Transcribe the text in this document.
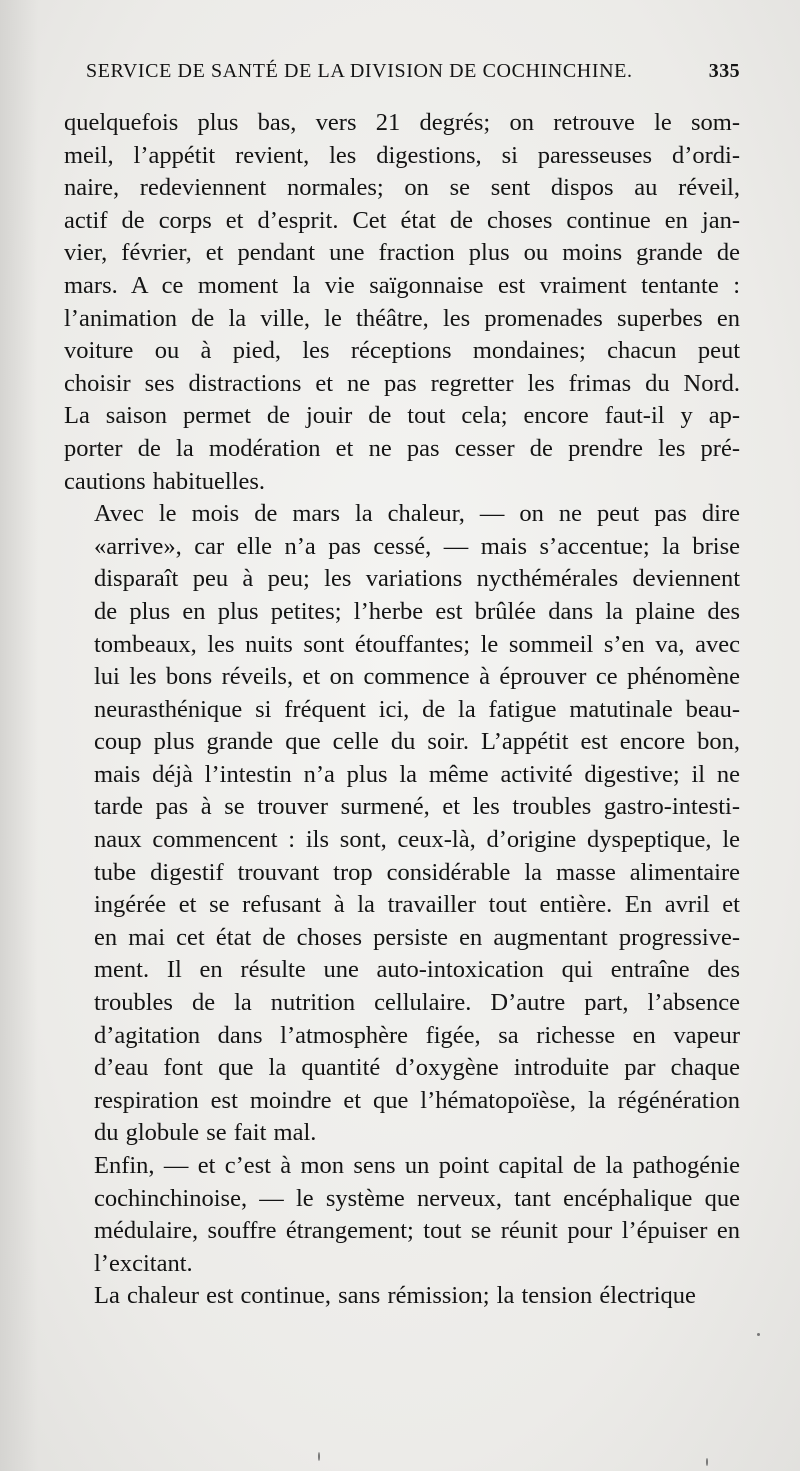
SERVICE DE SANTÉ DE LA DIVISION DE COCHINCHINE.	335

quelquefois plus bas, vers 21 degrés; on retrouve le som-
meil, l’appétit revient, les digestions, si paresseuses d’ordi-
naire, redeviennent normales; on se sent dispos au réveil,
actif de corps et d’esprit. Cet état de choses continue en jan-
vier, février, et pendant une fraction plus ou moins grande de
mars. A ce moment la vie saïgonnaise est vraiment tentante :
l’animation de la ville, le théâtre, les promenades superbes en
voiture ou à pied, les réceptions mondaines; chacun peut
choisir ses distractions et ne pas regretter les frimas du Nord.
La saison permet de jouir de tout cela; encore faut-il y ap-
porter de la modération et ne pas cesser de prendre les pré-
cautions habituelles.

Avec le mois de mars la chaleur, — on ne peut pas dire
«arrive», car elle n’a pas cessé, — mais s’accentue; la brise
disparaît peu à peu; les variations nycthémérales deviennent
de plus en plus petites; l’herbe est brûlée dans la plaine des
tombeaux, les nuits sont étouffantes; le sommeil s’en va, avec
lui les bons réveils, et on commence à éprouver ce phénomène
neurasthénique si fréquent ici, de la fatigue matutinale beau-
coup plus grande que celle du soir. L’appétit est encore bon,
mais déjà l’intestin n’a plus la même activité digestive; il ne
tarde pas à se trouver surmené, et les troubles gastro-intesti-
naux commencent : ils sont, ceux-là, d’origine dyspeptique, le
tube digestif trouvant trop considérable la masse alimentaire
ingérée et se refusant à la travailler tout entière. En avril et
en mai cet état de choses persiste en augmentant progressive-
ment. Il en résulte une auto-intoxication qui entraîne des
troubles de la nutrition cellulaire. D’autre part, l’absence
d’agitation dans l’atmosphère figée, sa richesse en vapeur
d’eau font que la quantité d’oxygène introduite par chaque
respiration est moindre et que l’hématopoïèse, la régénération
du globule se fait mal.

Enfin, — et c’est à mon sens un point capital de la pathogénie
cochinchinoise, — le système nerveux, tant encéphalique que
médulaire, souffre étrangement; tout se réunit pour l’épuiser en
l’excitant.

La chaleur est continue, sans rémission; la tension électrique
